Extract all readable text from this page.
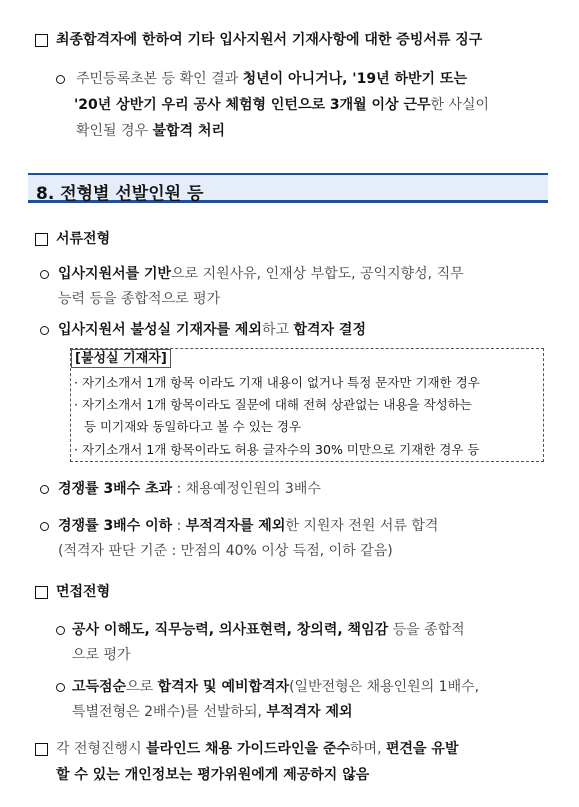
최종합격자에 한하여 기타 입사지원서 기재사항에 대한 증빙서류 징구
주민등록초본 등 확인 결과 청년이 아니거나, '19년 하반기 또는
'20년 상반기 우리 공사 체험형 인턴으로 3개월 이상 근무한 사실이
확인될 경우 불합격 처리
8. 전형별 선발인원 등
서류전형
입사지원서를 기반으로 지원사유, 인재상 부합도, 공익지향성, 직무
능력 등을 종합적으로 평가
입사지원서 불성실 기재자를 제외하고 합격자 결정
[불성실 기재자]
· 자기소개서 1개 항목 이라도 기재 내용이 없거나 특정 문자만 기재한 경우
· 자기소개서 1개 항목이라도 질문에 대해 전혀 상관없는 내용을 작성하는
등 미기재와 동일하다고 볼 수 있는 경우
· 자기소개서 1개 항목이라도 허용 글자수의 30% 미만으로 기재한 경우 등
경쟁률 3배수 초과 : 채용예정인원의 3배수
경쟁률 3배수 이하 : 부적격자를 제외한 지원자 전원 서류 합격
(적격자 판단 기준 : 만점의 40% 이상 득점, 이하 같음)
면접전형
공사 이해도, 직무능력, 의사표현력, 창의력, 책임감 등을 종합적
으로 평가
고득점순으로 합격자 및 예비합격자(일반전형은 채용인원의 1배수,
특별전형은 2배수)를 선발하되, 부적격자 제외
각 전형진행시 블라인드 채용 가이드라인을 준수하며, 편견을 유발
할 수 있는 개인정보는 평가위원에게 제공하지 않음
